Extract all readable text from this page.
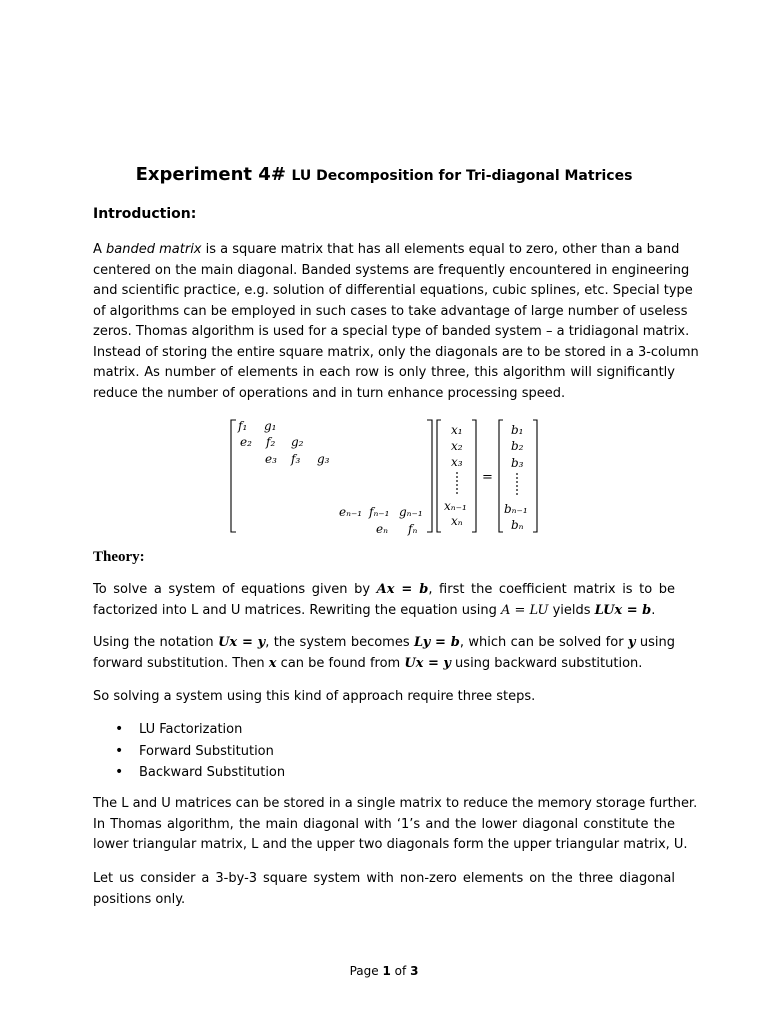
Experiment 4# LU Decomposition for Tri-diagonal Matrices
Introduction:
A banded matrix is a square matrix that has all elements equal to zero, other than a band
centered on the main diagonal. Banded systems are frequently encountered in engineering
and scientific practice, e.g. solution of differential equations, cubic splines, etc. Special type
of algorithms can be employed in such cases to take advantage of large number of useless
zeros. Thomas algorithm is used for a special type of banded system – a tridiagonal matrix.
Instead of storing the entire square matrix, only the diagonals are to be stored in a 3-column
matrix. As number of elements in each row is only three, this algorithm will significantly
reduce the number of operations and in turn enhance processing speed.
f₁ g₁
e₂ f₂ g₂
e₃ f₃ g₃
eₙ₋₁ fₙ₋₁ gₙ₋₁
eₙ fₙ
x₁
x₂
x₃
xₙ₋₁
xₙ
=
b₁
b₂
b₃
bₙ₋₁
bₙ
Theory:
To solve a system of equations given by Ax = b, first the coefficient matrix is to be
factorized into L and U matrices. Rewriting the equation using A = LU yields LUx = b.
Using the notation Ux = y, the system becomes Ly = b, which can be solved for y using
forward substitution. Then x can be found from Ux = y using backward substitution.
So solving a system using this kind of approach require three steps.
• LU Factorization
• Forward Substitution
• Backward Substitution
The L and U matrices can be stored in a single matrix to reduce the memory storage further.
In Thomas algorithm, the main diagonal with ‘1’s and the lower diagonal constitute the
lower triangular matrix, L and the upper two diagonals form the upper triangular matrix, U.
Let us consider a 3-by-3 square system with non-zero elements on the three diagonal
positions only.
Page 1 of 3
